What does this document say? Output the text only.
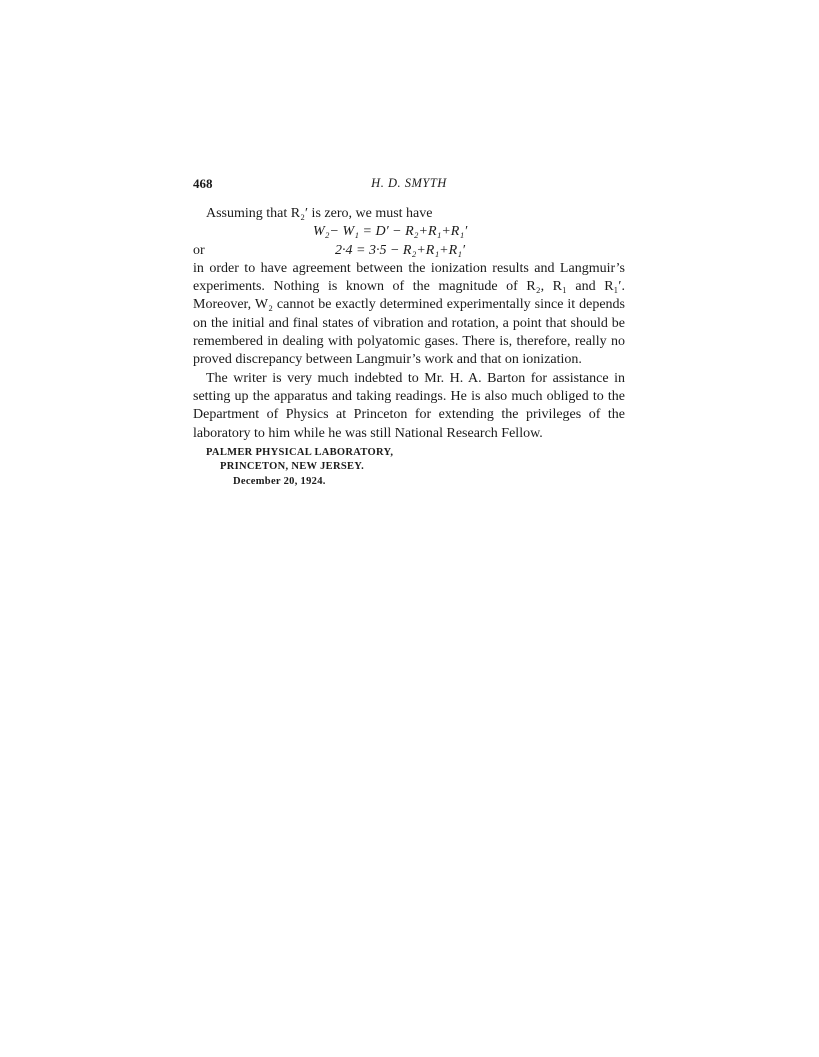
468	H. D. SMYTH

Assuming that R₂′ is zero, we must have

W₂− W₁ = D′ − R₂+R₁+R₁′
or	2·4 = 3·5 − R₂+R₁+R₁′

in order to have agreement between the ionization results and Langmuir’s experiments. Nothing is known of the magnitude of R₂, R₁ and R₁′. Moreover, W₂ cannot be exactly determined experimentally since it depends on the initial and final states of vibration and rotation, a point that should be remembered in dealing with polyatomic gases. There is, therefore, really no proved discrepancy between Langmuir’s work and that on ionization.

The writer is very much indebted to Mr. H. A. Barton for assistance in setting up the apparatus and taking readings. He is also much obliged to the Department of Physics at Princeton for extending the privileges of the laboratory to him while he was still National Research Fellow.

PALMER PHYSICAL LABORATORY,
PRINCETON, NEW JERSEY.
December 20, 1924.
